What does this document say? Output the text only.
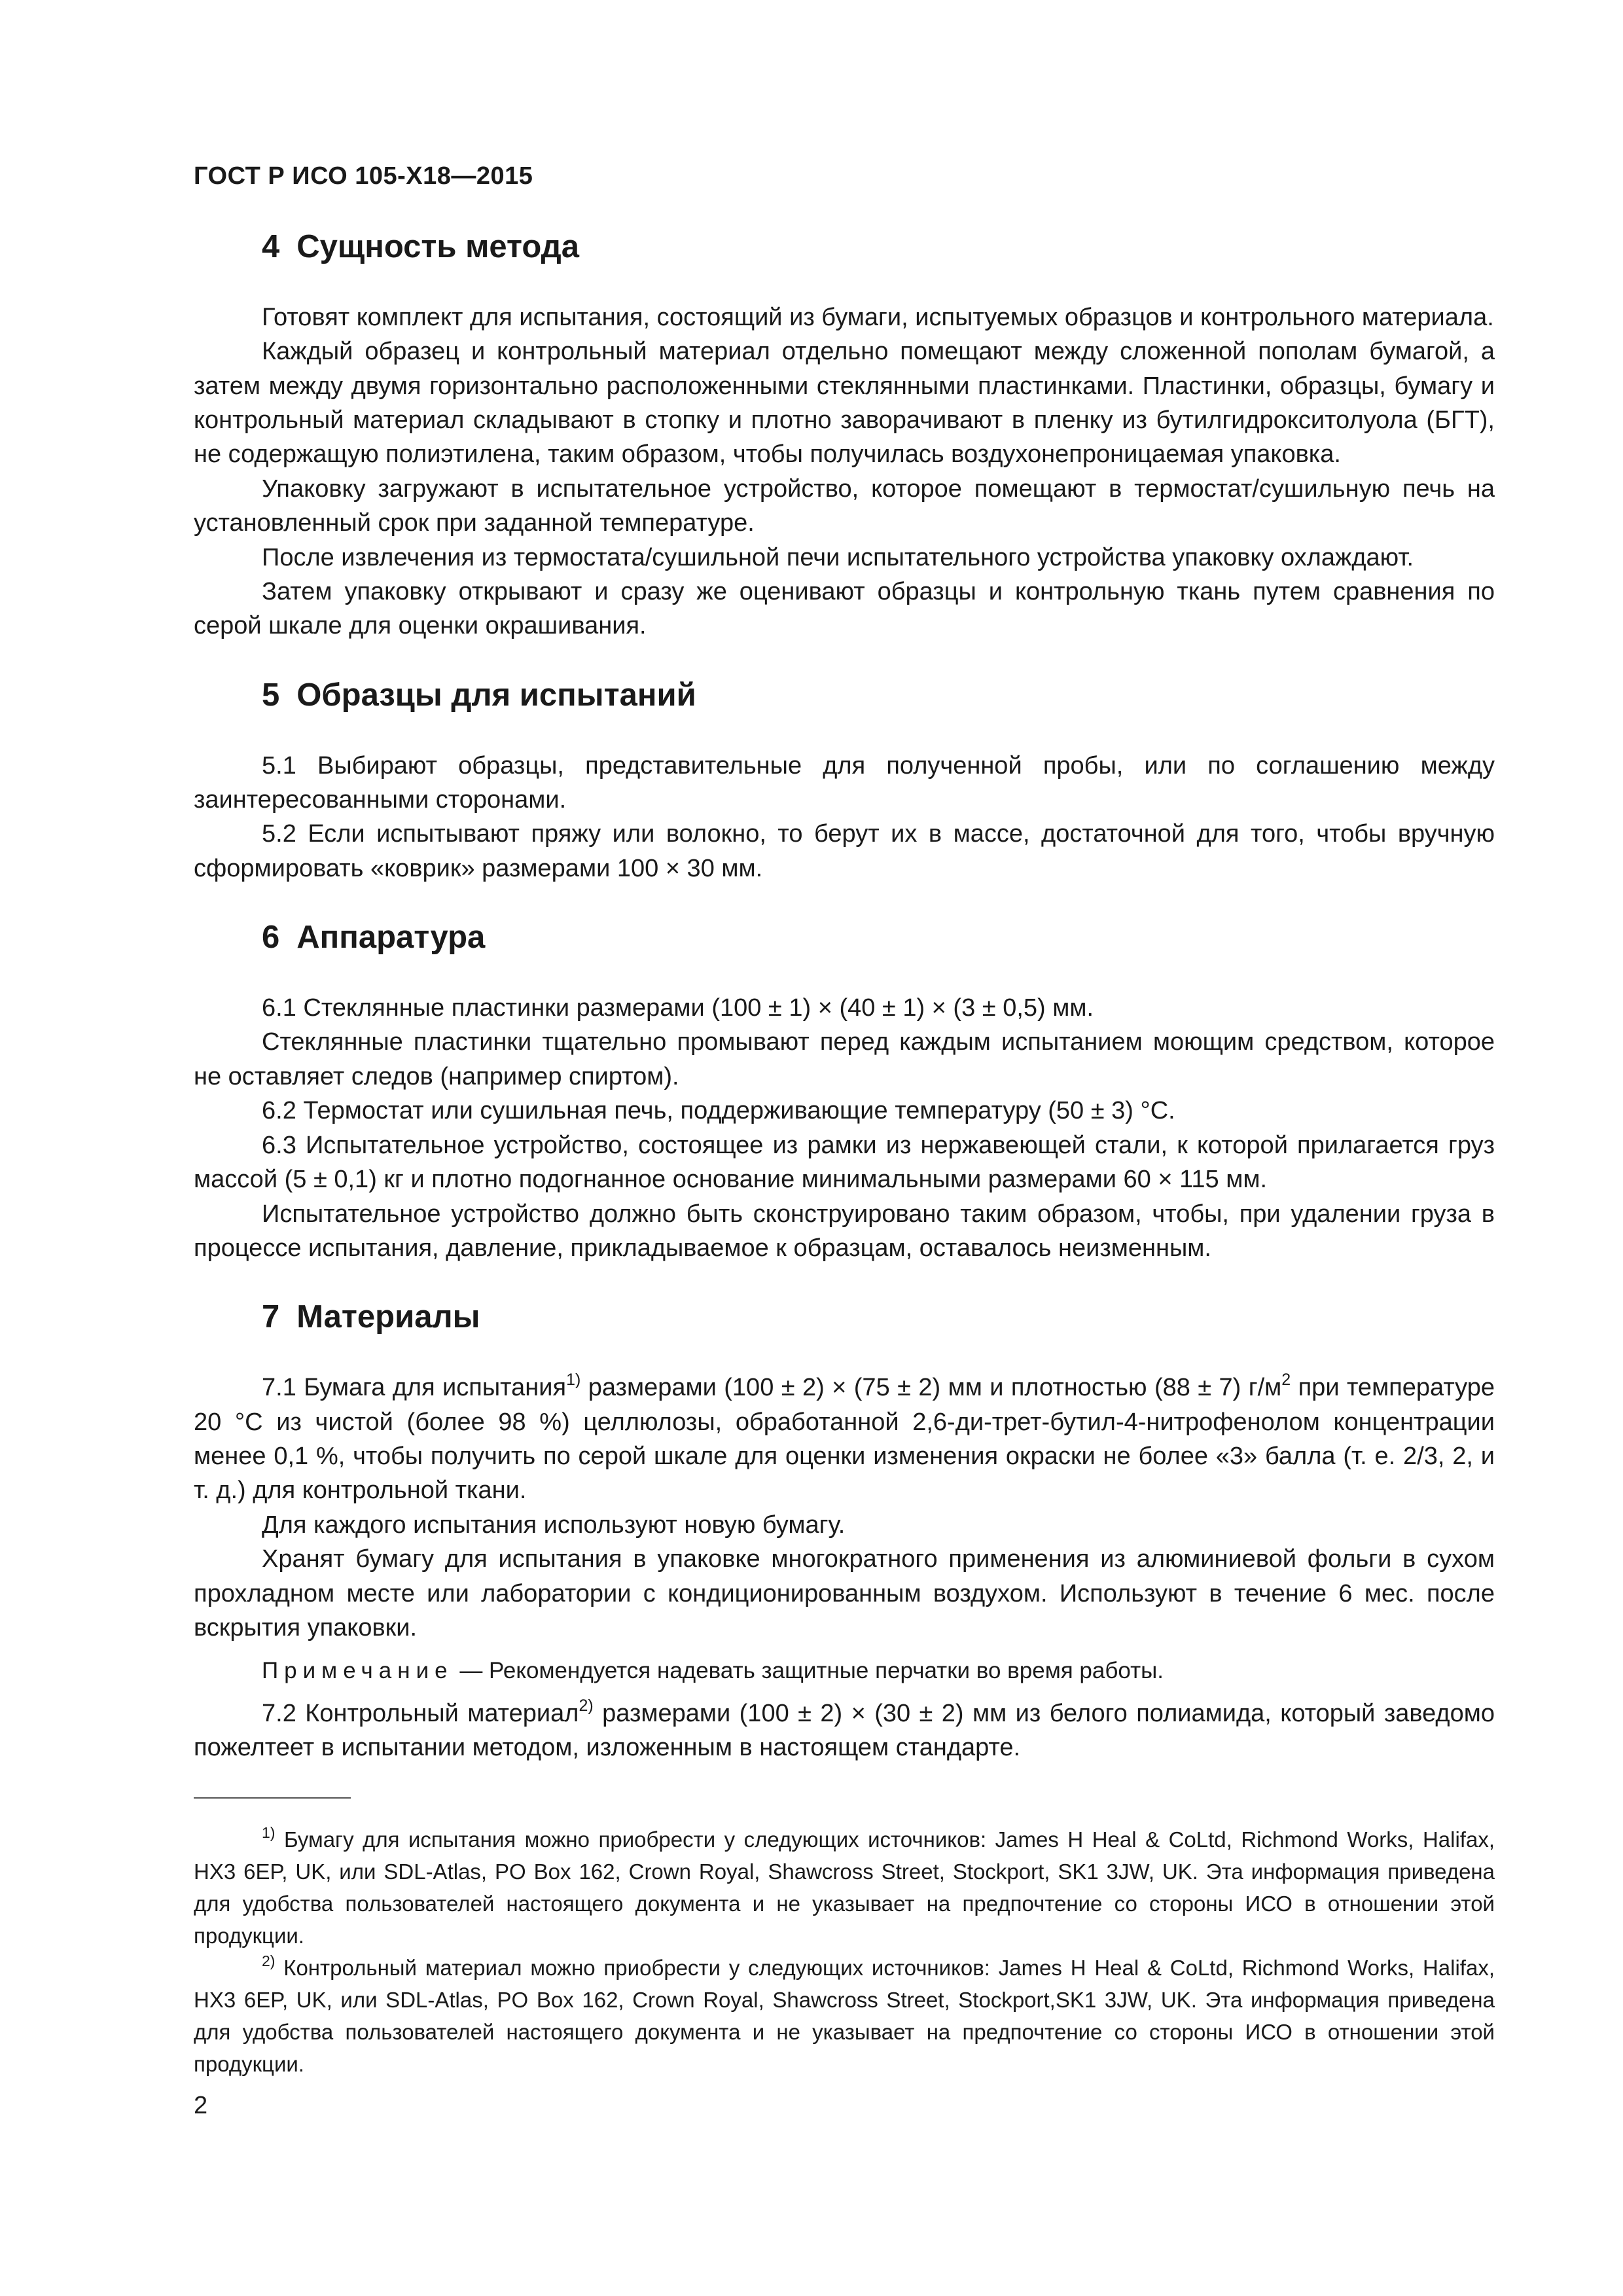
ГОСТ Р ИСО 105-X18—2015
4 Сущность метода

Готовят комплект для испытания, состоящий из бумаги, испытуемых образцов и контрольного материала.

Каждый образец и контрольный материал отдельно помещают между сложенной пополам бумагой, а затем между двумя горизонтально расположенными стеклянными пластинками. Пластинки, образцы, бумагу и контрольный материал складывают в стопку и плотно заворачивают в пленку из бутилгидрокситолуола (БГТ), не содержащую полиэтилена, таким образом, чтобы получилась воздухонепроницаемая упаковка.

Упаковку загружают в испытательное устройство, которое помещают в термостат/сушильную печь на установленный срок при заданной температуре.

После извлечения из термостата/сушильной печи испытательного устройства упаковку охлаждают.

Затем упаковку открывают и сразу же оценивают образцы и контрольную ткань путем сравнения по серой шкале для оценки окрашивания.

5 Образцы для испытаний

5.1 Выбирают образцы, представительные для полученной пробы, или по соглашению между заинтересованными сторонами.

5.2 Если испытывают пряжу или волокно, то берут их в массе, достаточной для того, чтобы вручную сформировать «коврик» размерами 100 × 30 мм.

6 Аппаратура

6.1 Стеклянные пластинки размерами (100 ± 1) × (40 ± 1) × (3 ± 0,5) мм.

Стеклянные пластинки тщательно промывают перед каждым испытанием моющим средством, которое не оставляет следов (например спиртом).

6.2 Термостат или сушильная печь, поддерживающие температуру (50 ± 3) °С.

6.3 Испытательное устройство, состоящее из рамки из нержавеющей стали, к которой прилагается груз массой (5 ± 0,1) кг и плотно подогнанное основание минимальными размерами 60 × 115 мм.

Испытательное устройство должно быть сконструировано таким образом, чтобы, при удалении груза в процессе испытания, давление, прикладываемое к образцам, оставалось неизменным.

7 Материалы

7.1 Бумага для испытания$^{1)}$ размерами (100 ± 2) × (75 ± 2) мм и плотностью (88 ± 7) $г/м^2$ при температуре 20 °С из чистой (более 98 %) целлюлозы, обработанной 2,6-ди-трет-бутил-4-нитрофенолом концентрации менее 0,1 %, чтобы получить по серой шкале для оценки изменения окраски не более «3» балла (т. е. 2/3, 2, и т. д.) для контрольной ткани.

Для каждого испытания используют новую бумагу.

Хранят бумагу для испытания в упаковке многократного применения из алюминиевой фольги в сухом прохладном месте или лаборатории с кондиционированным воздухом. Используют в течение 6 мес. после вскрытия упаковки.

Примечание — Рекомендуется надевать защитные перчатки во время работы.

7.2 Контрольный материал$^{2)}$ размерами (100 ± 2) × (30 ± 2) мм из белого полиамида, который заведомо пожелтеет в испытании методом, изложенным в настоящем стандарте.

$^{1)}$ Бумагу для испытания можно приобрести у следующих источников: James H Heal & CoLtd, Richmond Works, Halifax, HX3 6EP, UK, или SDL-Atlas, PO Box 162, Crown Royal, Shawcross Street, Stockport, SK1 3JW, UK. Эта информация приведена для удобства пользователей настоящего документа и не указывает на предпочтение со стороны ИСО в отношении этой продукции.

$^{2)}$ Контрольный материал можно приобрести у следующих источников: James H Heal & CoLtd, Richmond Works, Halifax, HX3 6EP, UK, или SDL-Atlas, PO Box 162, Crown Royal, Shawcross Street, Stockport,SK1 3JW, UK. Эта информация приведена для удобства пользователей настоящего документа и не указывает на предпочтение со стороны ИСО в отношении этой продукции.

2
